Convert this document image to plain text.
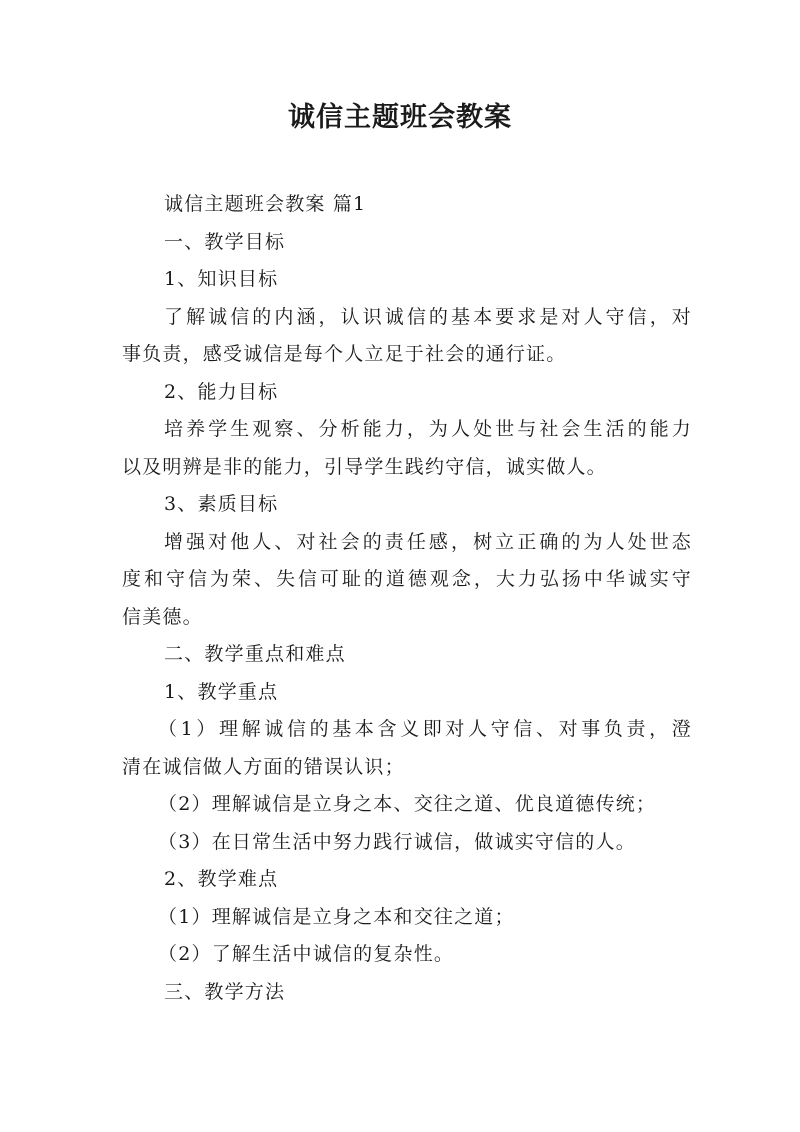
诚信主题班会教案
诚信主题班会教案 篇1
一、教学目标
1、知识目标
了解诚信的内涵，认识诚信的基本要求是对人守信，对
事负责，感受诚信是每个人立足于社会的通行证。
2、能力目标
培养学生观察、分析能力，为人处世与社会生活的能力
以及明辨是非的能力，引导学生践约守信，诚实做人。
3、素质目标
增强对他人、对社会的责任感，树立正确的为人处世态
度和守信为荣、失信可耻的道德观念，大力弘扬中华诚实守
信美德。
二、教学重点和难点
1、教学重点
（1）理解诚信的基本含义即对人守信、对事负责，澄
清在诚信做人方面的错误认识；
（2）理解诚信是立身之本、交往之道、优良道德传统；
（3）在日常生活中努力践行诚信，做诚实守信的人。
2、教学难点
（1）理解诚信是立身之本和交往之道；
（2）了解生活中诚信的复杂性。
三、教学方法
